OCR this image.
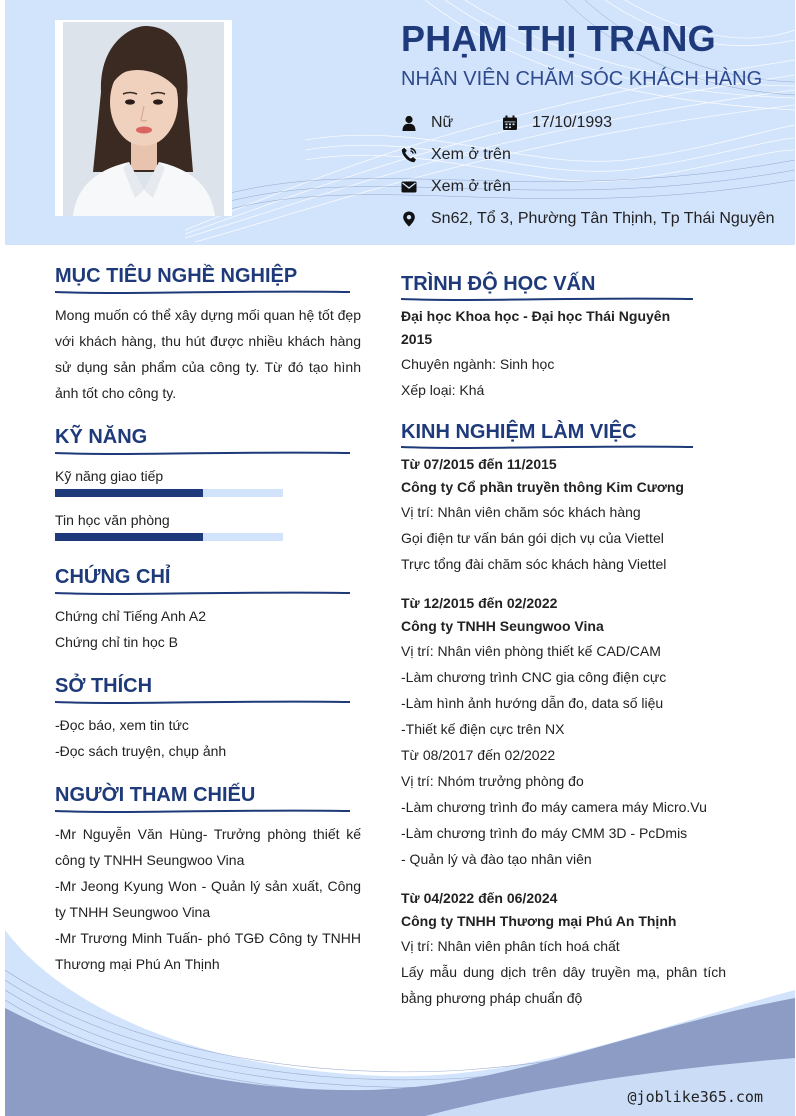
PHẠM THỊ TRANG
NHÂN VIÊN CHĂM SÓC KHÁCH HÀNG
Nữ	17/10/1993
Xem ở trên
Xem ở trên
Sn62, Tổ 3, Phường Tân Thịnh, Tp Thái Nguyên
MỤC TIÊU NGHỀ NGHIỆP
Mong muốn có thể xây dựng mối quan hệ tốt đẹp với khách hàng, thu hút được nhiều khách hàng sử dụng sản phẩm của công ty. Từ đó tạo hình ảnh tốt cho công ty.
KỸ NĂNG
Kỹ năng giao tiếp
Tin học văn phòng
CHỨNG CHỈ
Chứng chỉ Tiếng Anh A2
Chứng chỉ tin học B
SỞ THÍCH
-Đọc báo, xem tin tức
-Đọc sách truyện, chụp ảnh
NGƯỜI THAM CHIẾU
-Mr Nguyễn Văn Hùng- Trưởng phòng thiết kế công ty TNHH Seungwoo Vina
-Mr Jeong Kyung Won - Quản lý sản xuất, Công ty TNHH Seungwoo Vina
-Mr Trương Minh Tuấn- phó TGĐ Công ty TNHH Thương mại Phú An Thịnh
TRÌNH ĐỘ HỌC VẤN
Đại học Khoa học - Đại học Thái Nguyên
2015
Chuyên ngành: Sinh học
Xếp loại: Khá
KINH NGHIỆM LÀM VIỆC
Từ 07/2015 đến 11/2015
Công ty Cổ phần truyền thông Kim Cương
Vị trí: Nhân viên chăm sóc khách hàng
Gọi điện tư vấn bán gói dịch vụ của Viettel
Trực tổng đài chăm sóc khách hàng Viettel
Từ 12/2015 đến 02/2022
Công ty TNHH Seungwoo Vina
Vị trí: Nhân viên phòng thiết kế CAD/CAM
-Làm chương trình CNC gia công điện cực
-Làm hình ảnh hướng dẫn đo, data số liệu
-Thiết kế điện cực trên NX
Từ 08/2017 đến 02/2022
Vị trí: Nhóm trưởng phòng đo
-Làm chương trình đo máy camera máy Micro.Vu
-Làm chương trình đo máy CMM 3D - PcDmis
- Quản lý và đào tạo nhân viên
Từ 04/2022 đến 06/2024
Công ty TNHH Thương mại Phú An Thịnh
Vị trí: Nhân viên phân tích hoá chất
Lấy mẫu dung dịch trên dây truyền mạ, phân tích bằng phương pháp chuẩn độ
@joblike365.com
